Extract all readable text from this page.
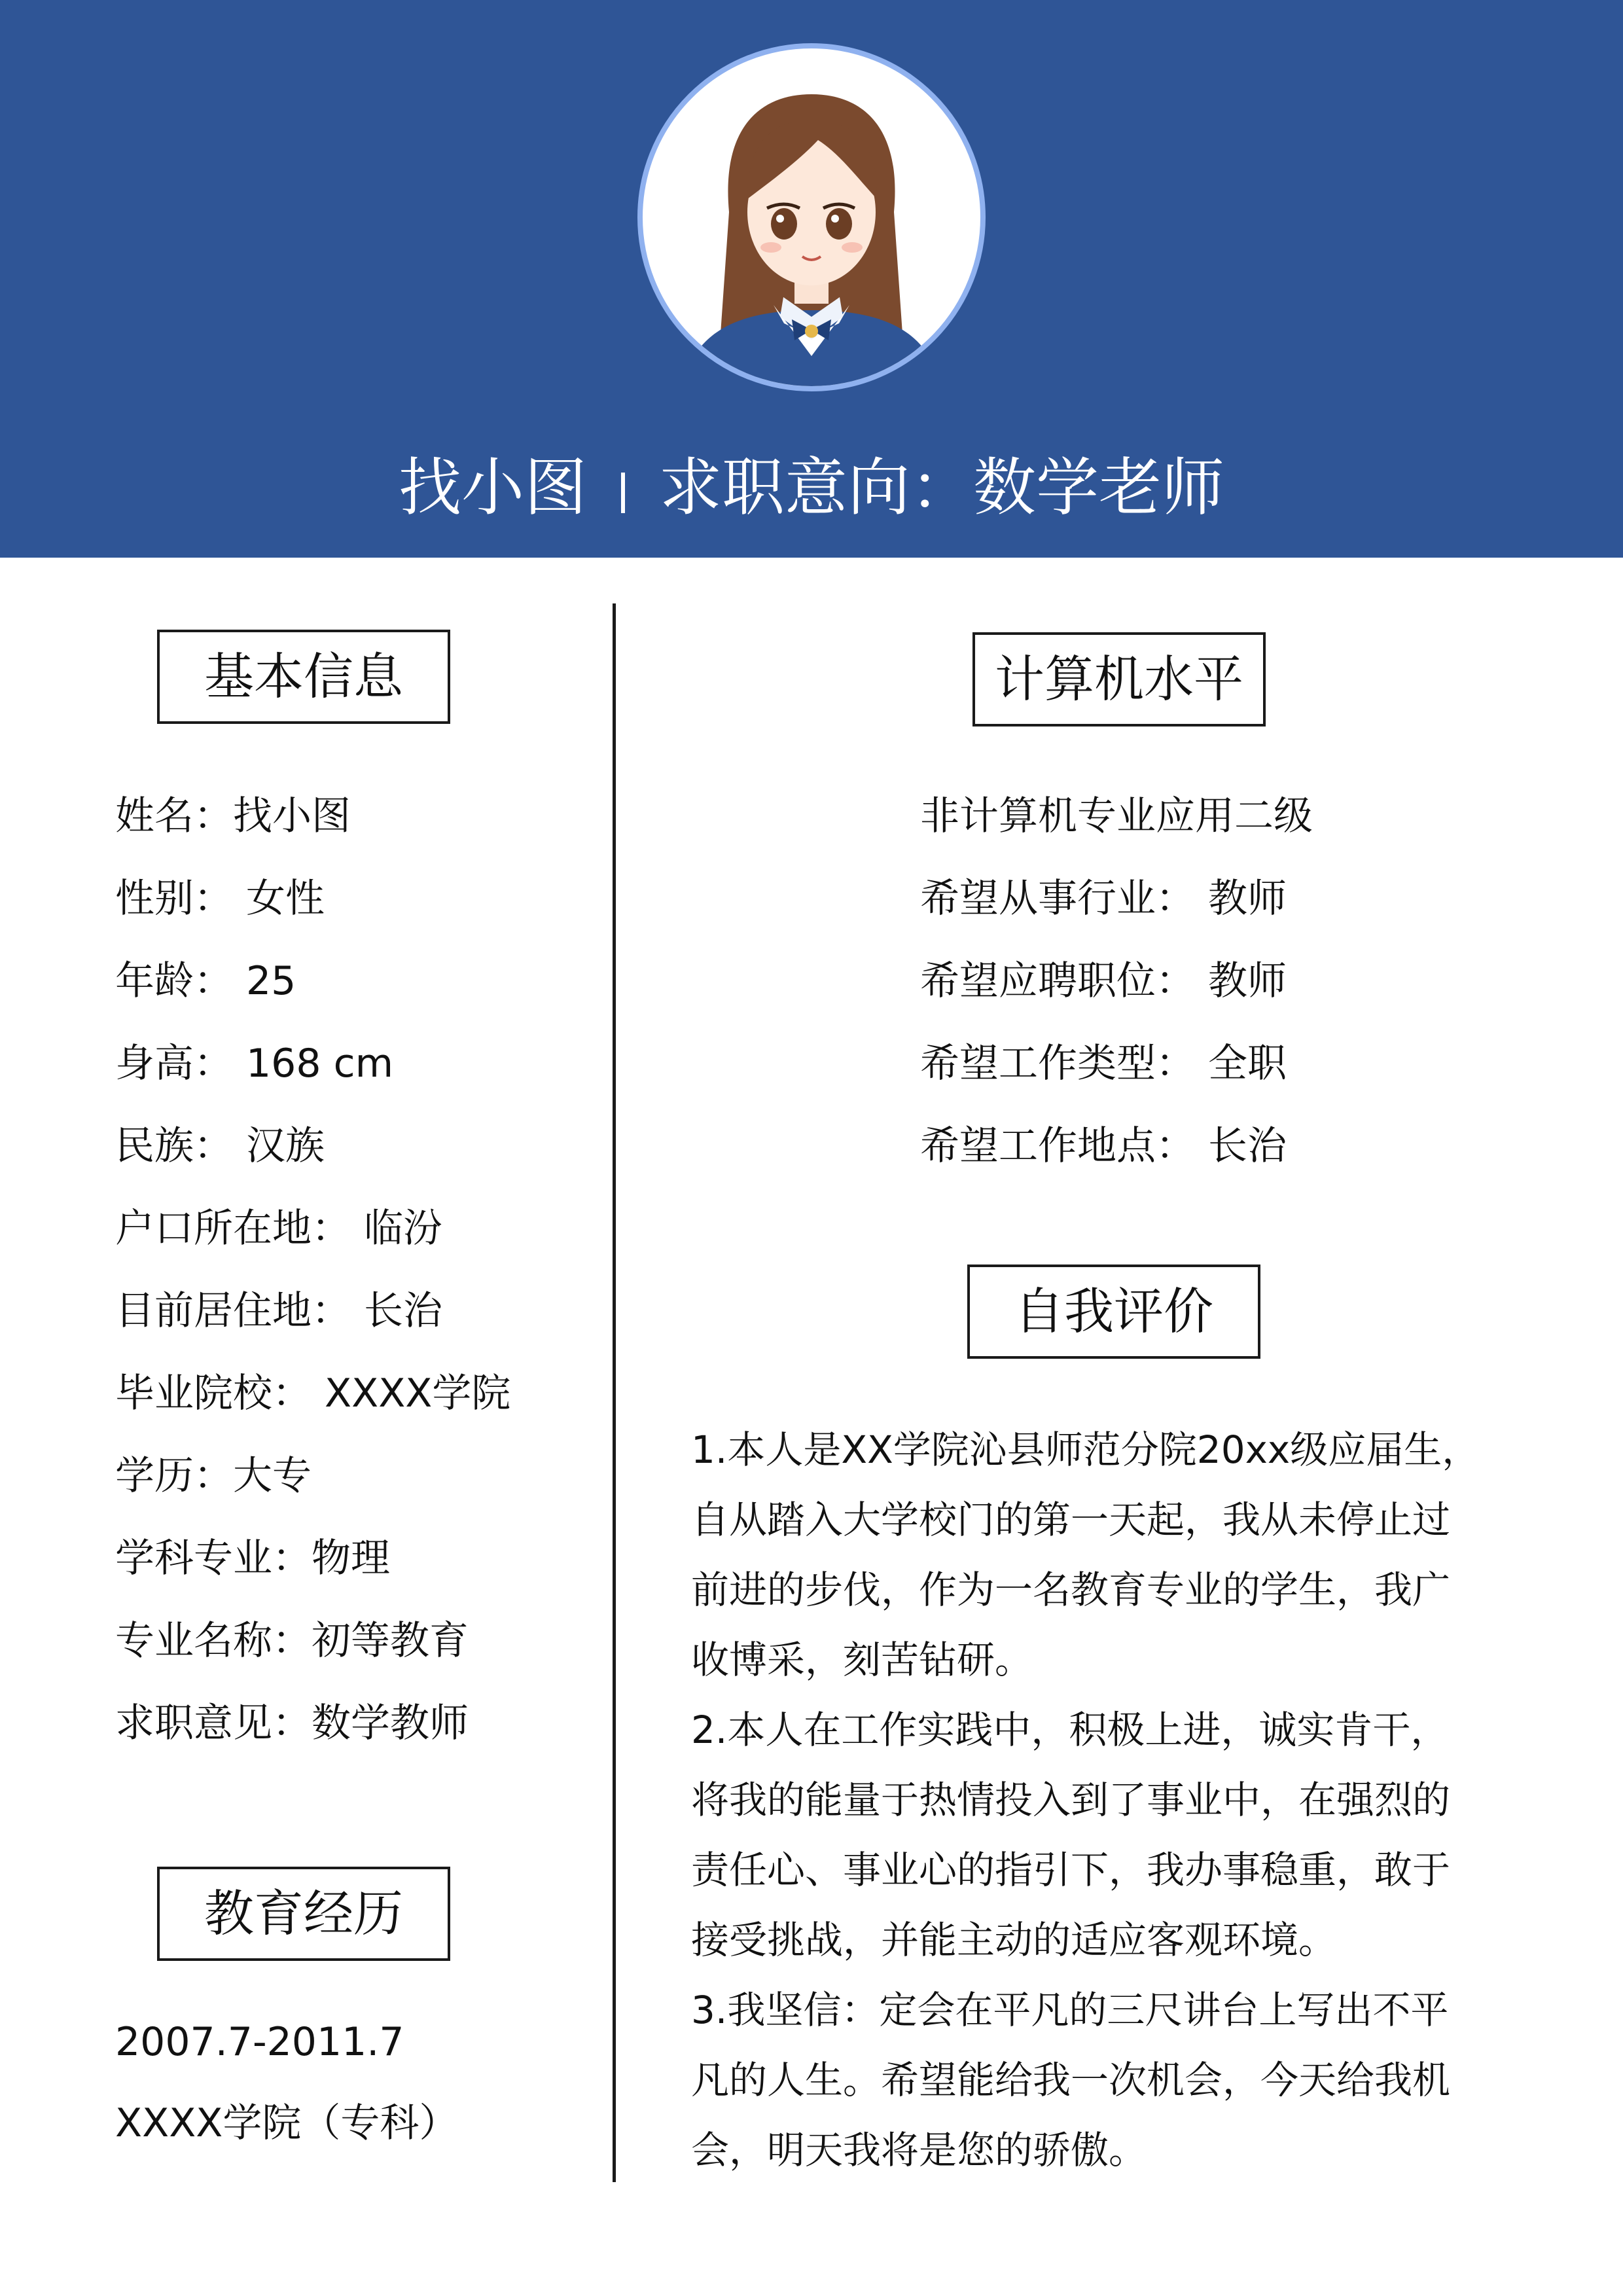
找小图 求职意向：数学老师
基本信息
姓名：找小图
性别： 女性
年龄： 25
身高： 168 cm
民族： 汉族
户口所在地： 临汾
目前居住地： 长治
毕业院校： XXXX学院
学历：大专
学科专业：物理
专业名称：初等教育
求职意见：数学教师
教育经历
2007.7-2011.7
XXXX学院（专科）
计算机水平
非计算机专业应用二级
希望从事行业： 教师
希望应聘职位： 教师
希望工作类型： 全职
希望工作地点： 长治
自我评价
1.本人是XX学院沁县师范分院20xx级应届生，
自从踏入大学校门的第一天起，我从未停止过
前进的步伐，作为一名教育专业的学生，我广
收博采，刻苦钻研。
2.本人在工作实践中，积极上进，诚实肯干，
将我的能量于热情投入到了事业中，在强烈的
责任心、事业心的指引下，我办事稳重，敢于
接受挑战，并能主动的适应客观环境。
3.我坚信：定会在平凡的三尺讲台上写出不平
凡的人生。希望能给我一次机会，今天给我机
会，明天我将是您的骄傲。
